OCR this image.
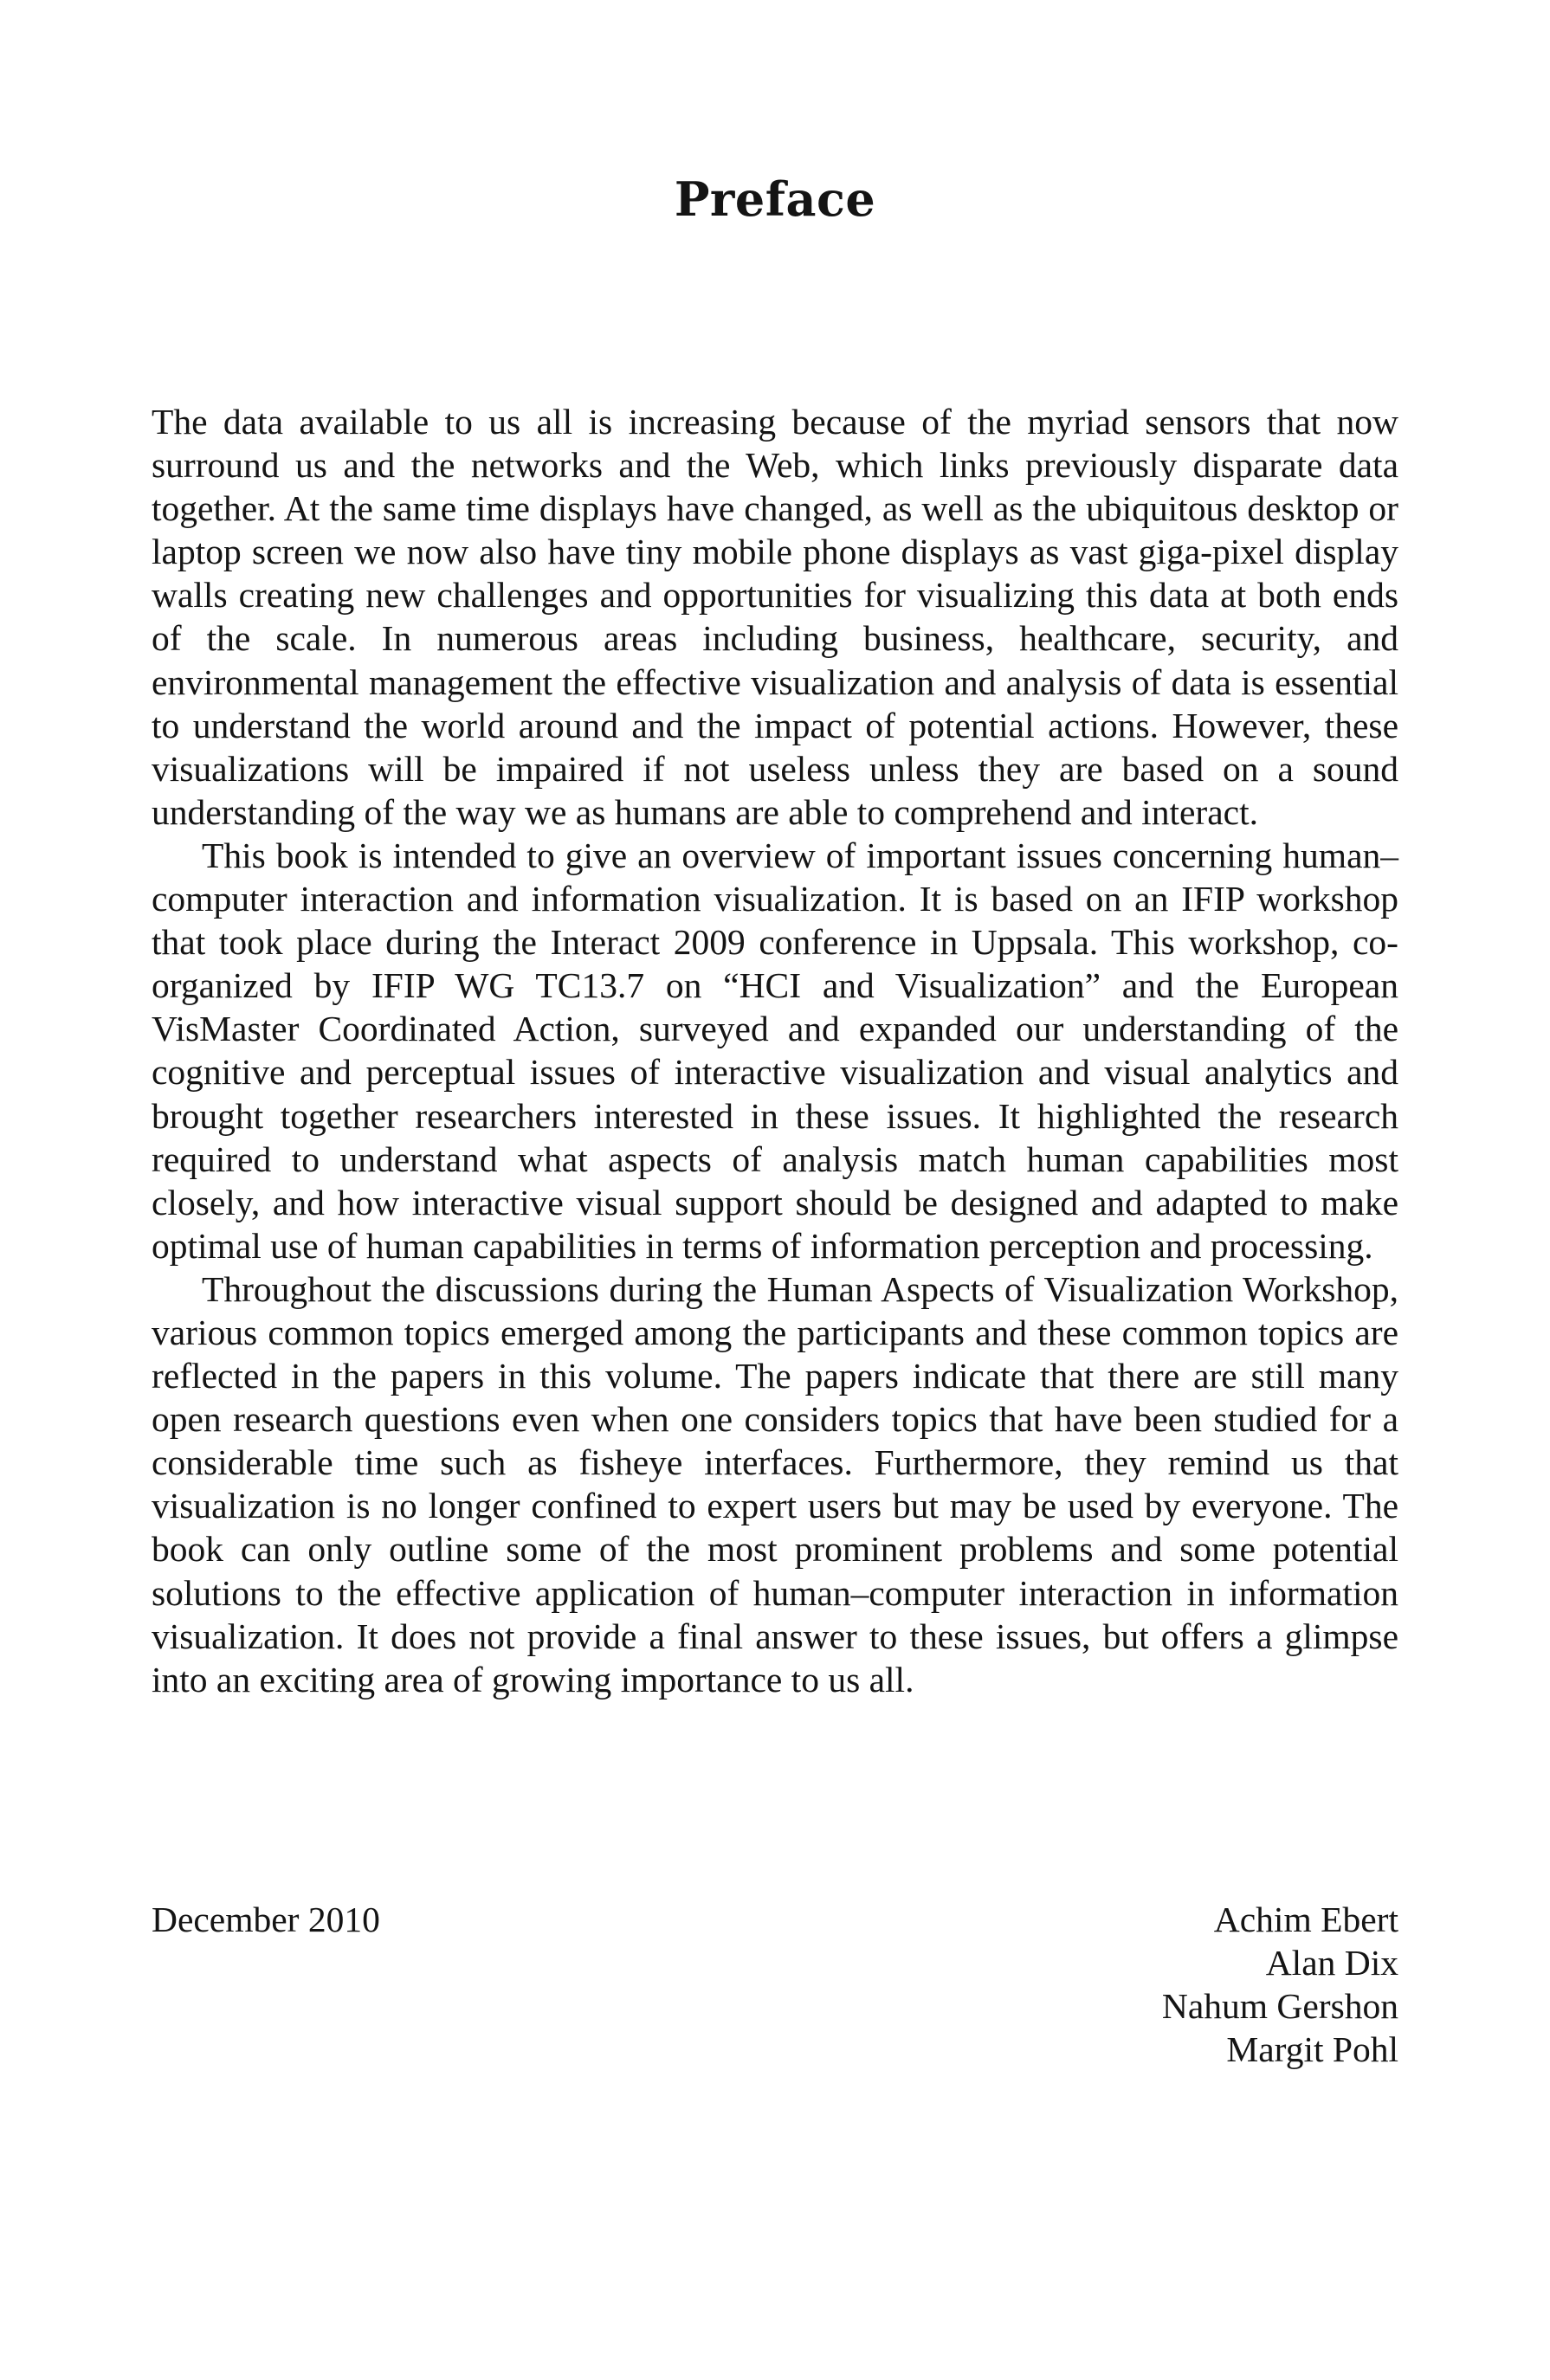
Preface

The data available to us all is increasing because of the myriad sensors that now surround us and the networks and the Web, which links previously disparate data together. At the same time displays have changed, as well as the ubiquitous desktop or laptop screen we now also have tiny mobile phone displays as vast giga-pixel display walls creating new challenges and opportunities for visualizing this data at both ends of the scale. In numerous areas including business, healthcare, security, and environmental management the effective visualization and analysis of data is essential to understand the world around and the impact of potential actions. However, these visualizations will be impaired if not useless unless they are based on a sound understanding of the way we as humans are able to comprehend and interact.

This book is intended to give an overview of important issues concerning human–computer interaction and information visualization. It is based on an IFIP workshop that took place during the Interact 2009 conference in Uppsala. This workshop, co-organized by IFIP WG TC13.7 on “HCI and Visualization” and the European VisMaster Coordinated Action, surveyed and expanded our understanding of the cognitive and perceptual issues of interactive visualization and visual analytics and brought together researchers interested in these issues. It highlighted the research required to understand what aspects of analysis match human capabilities most closely, and how interactive visual support should be designed and adapted to make optimal use of human capabilities in terms of information perception and processing.

Throughout the discussions during the Human Aspects of Visualization Workshop, various common topics emerged among the participants and these common topics are reflected in the papers in this volume. The papers indicate that there are still many open research questions even when one considers topics that have been studied for a considerable time such as fisheye interfaces. Furthermore, they remind us that visualization is no longer confined to expert users but may be used by everyone. The book can only outline some of the most prominent problems and some potential solutions to the effective application of human–computer interaction in information visualization. It does not provide a final answer to these issues, but offers a glimpse into an exciting area of growing importance to us all.

December 2010	Achim Ebert
Alan Dix
Nahum Gershon
Margit Pohl
